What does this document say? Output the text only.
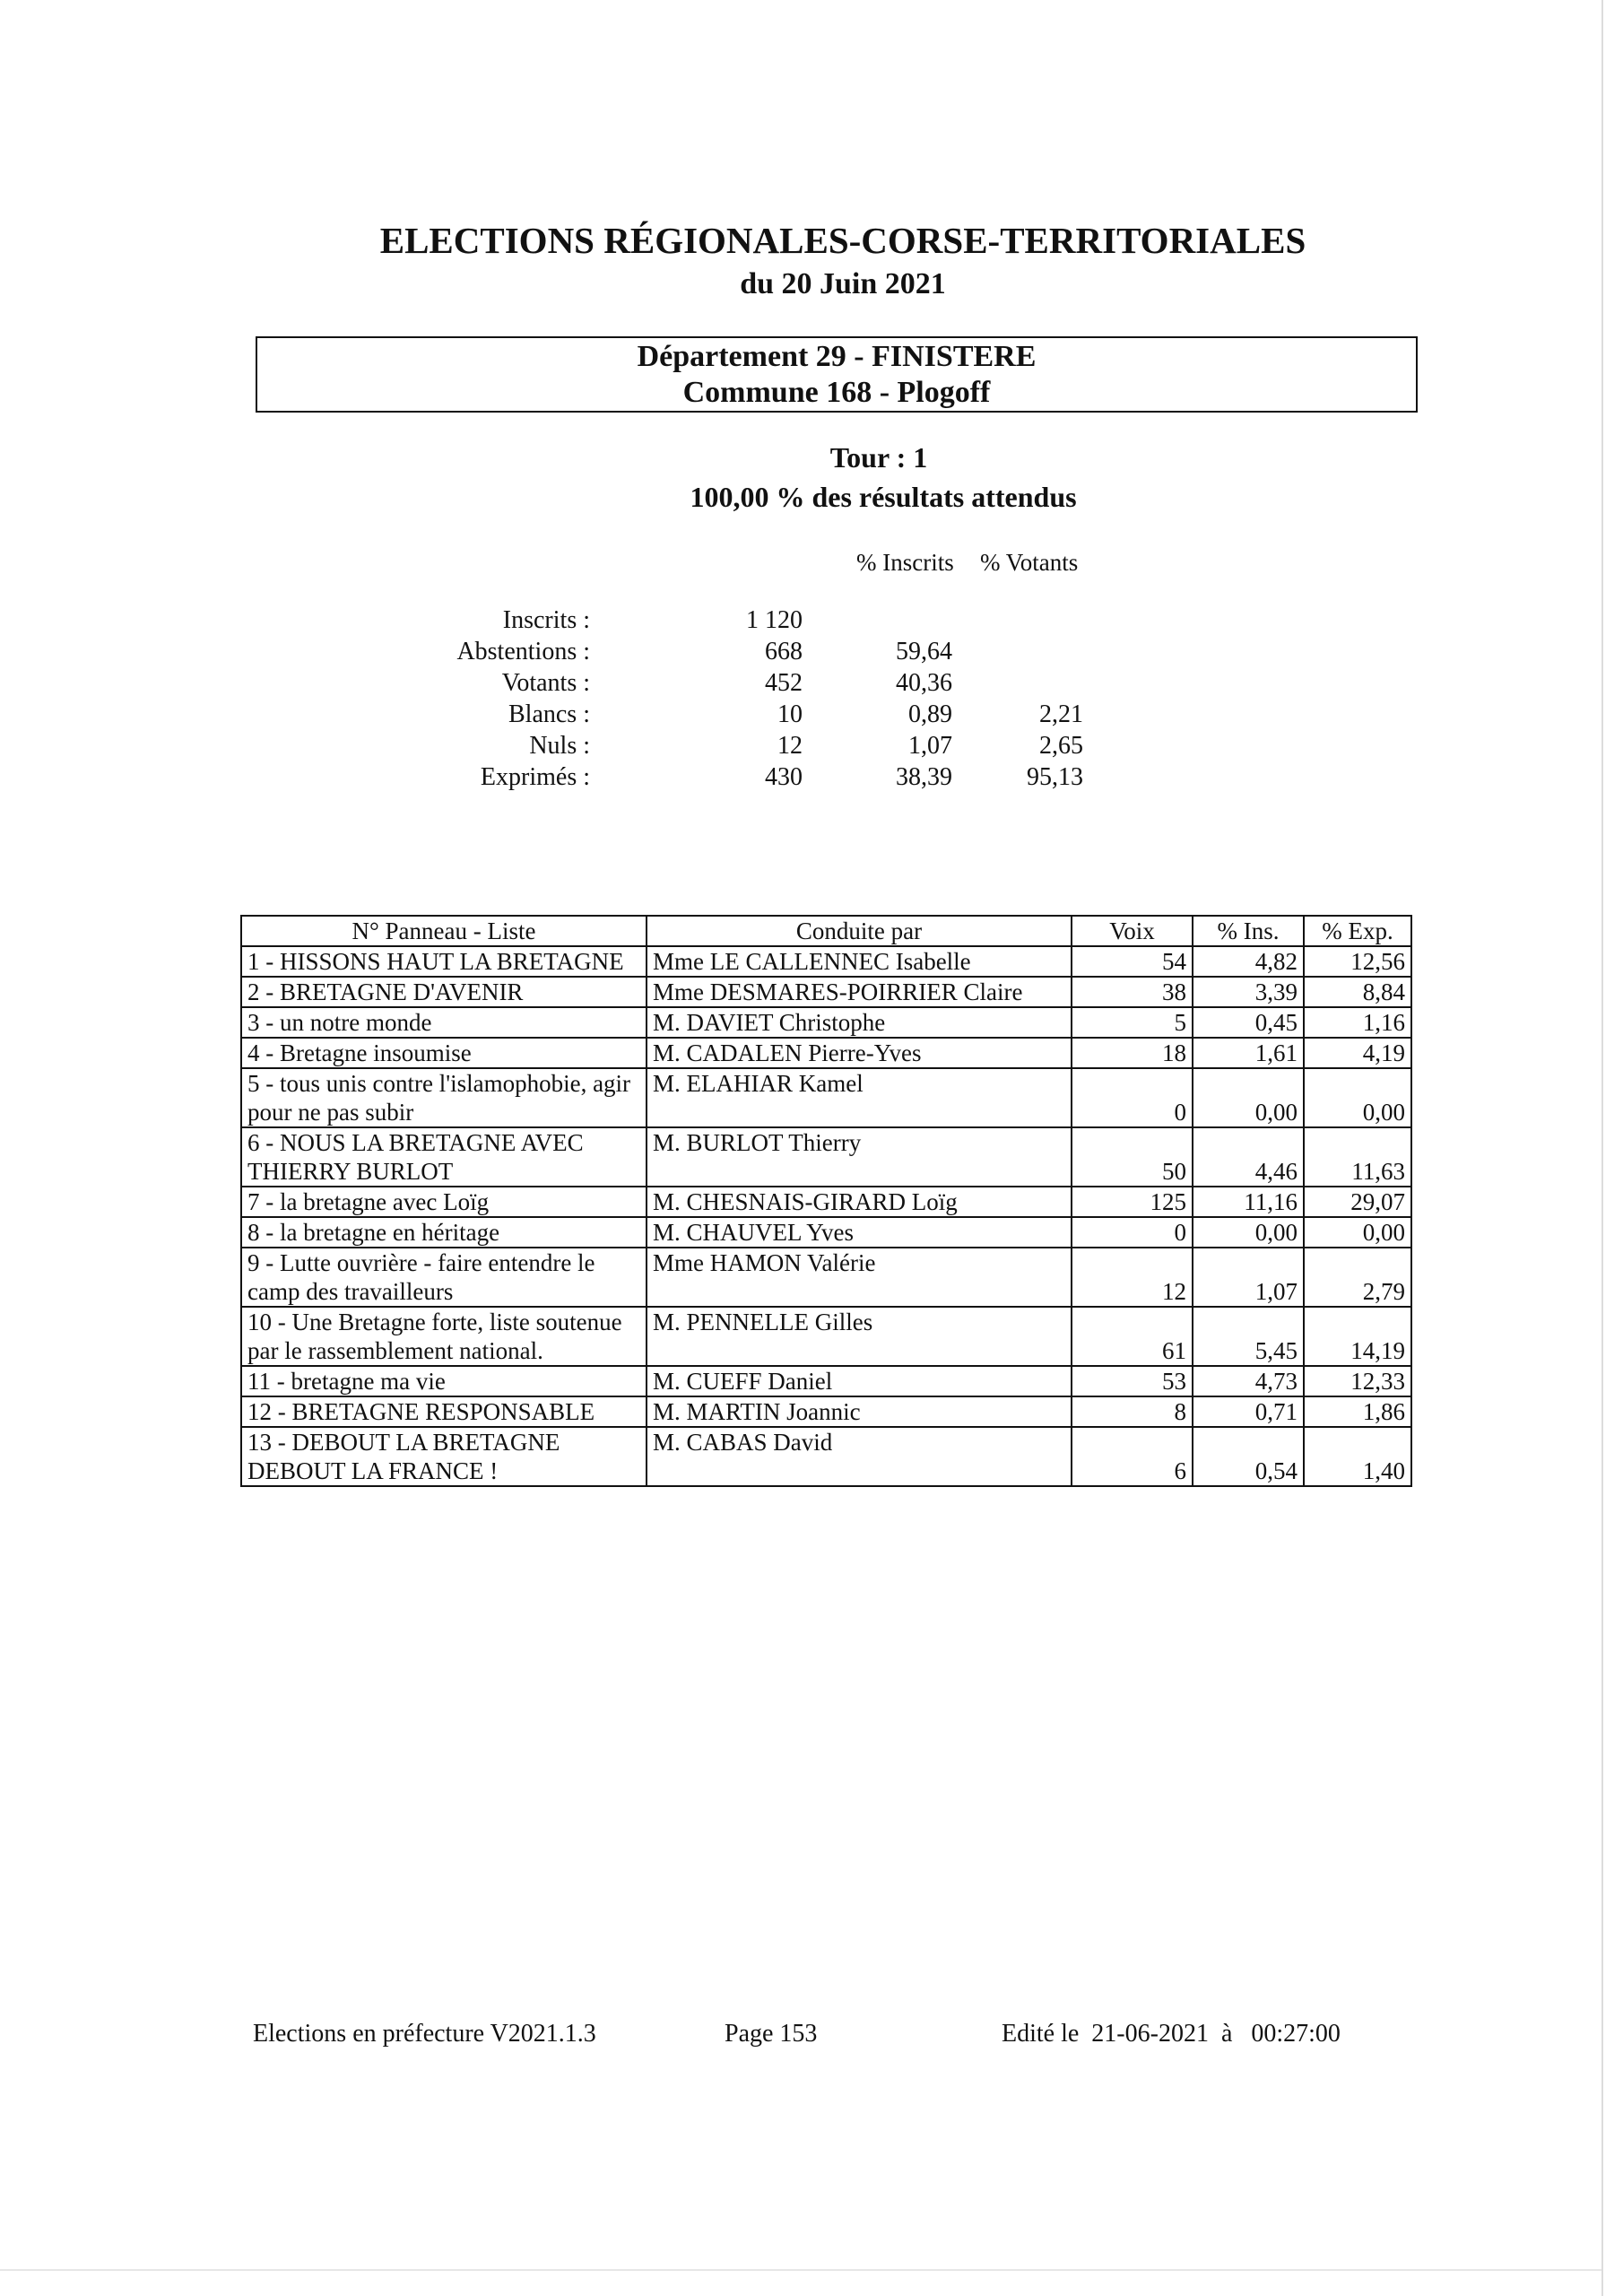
ELECTIONS RÉGIONALES-CORSE-TERRITORIALES
du 20 Juin 2021
Département 29 - FINISTERE
Commune 168 - Plogoff
Tour : 1
100,00 % des résultats attendus
% Inscrits % Votants
Inscrits :	1 120
Abstentions :	668	59,64
Votants :	452	40,36
Blancs :	10	0,89	2,21
Nuls :	12	1,07	2,65
Exprimés :	430	38,39	95,13
N° Panneau - Liste	Conduite par	Voix	% Ins.	% Exp.
1 - HISSONS HAUT LA BRETAGNE	Mme LE CALLENNEC Isabelle	54	4,82	12,56
2 - BRETAGNE D'AVENIR	Mme DESMARES-POIRRIER Claire	38	3,39	8,84
3 - un notre monde	M. DAVIET Christophe	5	0,45	1,16
4 - Bretagne insoumise	M. CADALEN Pierre-Yves	18	1,61	4,19
5 - tous unis contre l'islamophobie, agir pour ne pas subir	M. ELAHIAR Kamel	0	0,00	0,00
6 - NOUS LA BRETAGNE AVEC THIERRY BURLOT	M. BURLOT Thierry	50	4,46	11,63
7 - la bretagne avec Loïg	M. CHESNAIS-GIRARD Loïg	125	11,16	29,07
8 - la bretagne en héritage	M. CHAUVEL Yves	0	0,00	0,00
9 - Lutte ouvrière - faire entendre le camp des travailleurs	Mme HAMON Valérie	12	1,07	2,79
10 - Une Bretagne forte, liste soutenue par le rassemblement national.	M. PENNELLE Gilles	61	5,45	14,19
11 - bretagne ma vie	M. CUEFF Daniel	53	4,73	12,33
12 - BRETAGNE RESPONSABLE	M. MARTIN Joannic	8	0,71	1,86
13 - DEBOUT LA BRETAGNE DEBOUT LA FRANCE !	M. CABAS David	6	0,54	1,40
Elections en préfecture V2021.1.3	Page 153	Edité le  21-06-2021  à   00:27:00
